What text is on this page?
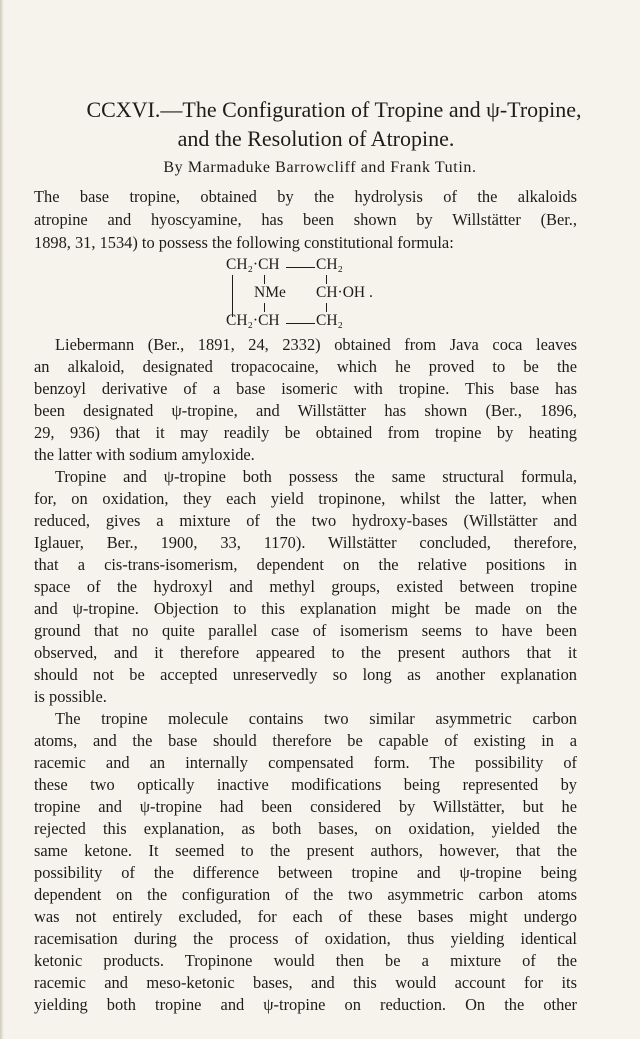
CCXVI.—The Configuration of Tropine and ψ-Tropine,
and the Resolution of Atropine.
By Marmaduke Barrowcliff and Frank Tutin.
The base tropine, obtained by the hydrolysis of the alkaloids
atropine and hyoscyamine, has been shown by Willstätter (Ber.,
1898, 31, 1534) to possess the following constitutional formula:
CH₂·CH CH₂
NMe CH·OH .
CH₂·CH CH₂
Liebermann (Ber., 1891, 24, 2332) obtained from Java coca leaves
an alkaloid, designated tropacocaine, which he proved to be the
benzoyl derivative of a base isomeric with tropine. This base has
been designated ψ-tropine, and Willstätter has shown (Ber., 1896,
29, 936) that it may readily be obtained from tropine by heating
the latter with sodium amyloxide.
Tropine and ψ-tropine both possess the same structural formula,
for, on oxidation, they each yield tropinone, whilst the latter, when
reduced, gives a mixture of the two hydroxy-bases (Willstätter and
Iglauer, Ber., 1900, 33, 1170). Willstätter concluded, therefore,
that a cis-trans-isomerism, dependent on the relative positions in
space of the hydroxyl and methyl groups, existed between tropine
and ψ-tropine. Objection to this explanation might be made on the
ground that no quite parallel case of isomerism seems to have been
observed, and it therefore appeared to the present authors that it
should not be accepted unreservedly so long as another explanation
is possible.
The tropine molecule contains two similar asymmetric carbon
atoms, and the base should therefore be capable of existing in a
racemic and an internally compensated form. The possibility of
these two optically inactive modifications being represented by
tropine and ψ-tropine had been considered by Willstätter, but he
rejected this explanation, as both bases, on oxidation, yielded the
same ketone. It seemed to the present authors, however, that the
possibility of the difference between tropine and ψ-tropine being
dependent on the configuration of the two asymmetric carbon atoms
was not entirely excluded, for each of these bases might undergo
racemisation during the process of oxidation, thus yielding identical
ketonic products. Tropinone would then be a mixture of the
racemic and meso-ketonic bases, and this would account for its
yielding both tropine and ψ-tropine on reduction. On the other
